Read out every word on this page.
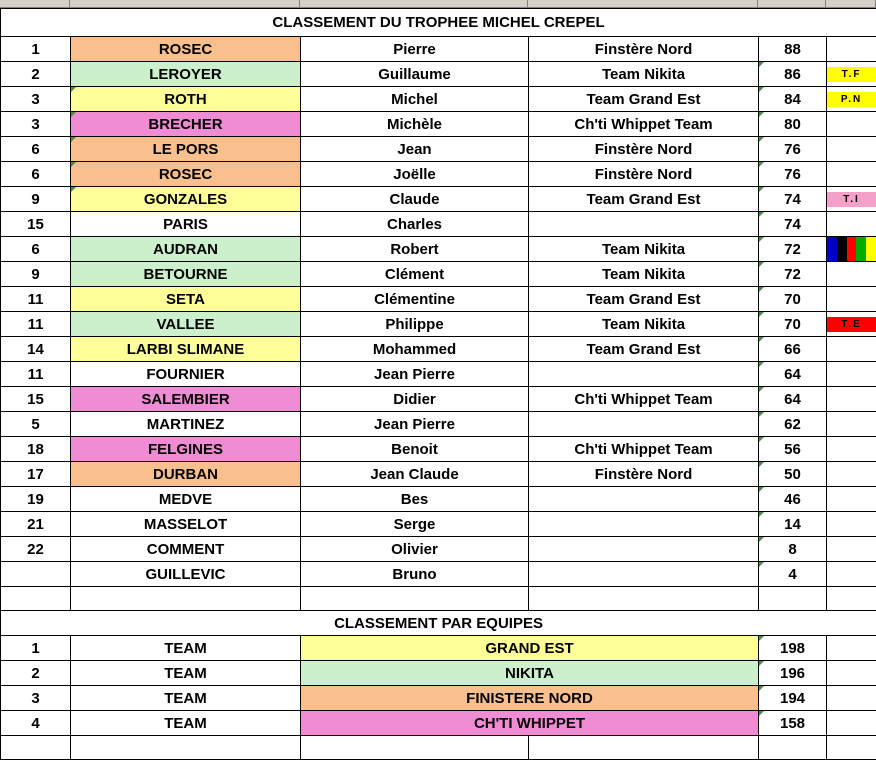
CLASSEMENT DU TROPHEE MICHEL CREPEL					
1	ROSEC	Pierre	Finstère Nord	88	
2	LEROYER	Guillaume	Team Nikita	86	T.F

3	ROTH	Michel	Team Grand Est	84	P.N

3	BRECHER	Michèle	Ch'ti Whippet Team	80

6	LE PORS	Jean	Finstère Nord	76

6	ROSEC	Joëlle	Finstère Nord	76

9	GONZALES	Claude	Team Grand Est	74	T.I

15	PARIS	Charles		74

6	AUDRAN	Robert	Team Nikita	72

9	BETOURNE	Clément	Team Nikita	72

11	SETA	Clémentine	Team Grand Est	70

11	VALLEE	Philippe	Team Nikita	70	T.E

14	LARBI SLIMANE	Mohammed	Team Grand Est	66

11	FOURNIER	Jean Pierre		64

15	SALEMBIER	Didier	Ch'ti Whippet Team	64

5	MARTINEZ	Jean Pierre		62

18	FELGINES	Benoit	Ch'ti Whippet Team	56

17	DURBAN	Jean Claude	Finstère Nord	50

19	MEDVE	Bes		46

21	MASSELOT	Serge		14

22	COMMENT	Olivier		8

	GUILLEVIC	Bruno		4

CLASSEMENT PAR EQUIPES					
1	TEAM	GRAND EST		198

2	TEAM	NIKITA		196

3	TEAM	FINISTERE NORD		194

4	TEAM	CH'TI WHIPPET		158
